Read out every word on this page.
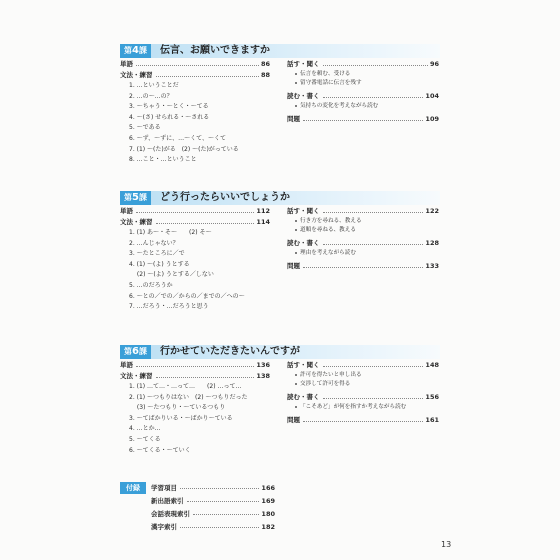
第4課	伝言、お願いできますか
単語	86
文法・練習	88
1. …ということだ
2. …の～…の？
3. ～ちゃう・～とく・～てる
4. ～(さ) せられる・～される
5. ～である
6. ～ず、～ずに、…～くて、～くて
7. (1) ～(た)がる　(2) ～(た)がっている
8. …こと・…ということ
話す・聞く	96
伝言を頼む、受ける
留守番電話に伝言を残す
読む・書く	104
気持ちの変化を考えながら読む
問題	109
第5課	どう行ったらいいでしょうか
単語	112
文法・練習	114
1. (1) あ～・そ～　　(2) そ～
2. …んじゃない？
3. ～たところに／で
4. (1) ～(よ) うとする
　 (2) ～(よ) うとする／しない
5. …のだろうか
6. ～との／での／からの／までの／への～
7. …だろう・…だろうと思う
話す・聞く	122
行き方を尋ねる、教える
道順を尋ねる、教える
読む・書く	128
理由を考えながら読む
問題	133
第6課	行かせていただきたいんですが
単語	136
文法・練習	138
1. (1) …て…・…って…　　(2) …って…
2. (1) ～つもりはない　(2) ～つもりだった
　 (3) ～たつもり・～ているつもり
3. ～てばかりいる・～ばかり～ている
4. …とか…
5. ～てくる
6. ～てくる・～ていく
話す・聞く	148
許可を得たいと申し出る
交渉して許可を得る
読む・書く	156
「こそあど」が何を指すか考えながら読む
問題	161
付録	学習項目	166
新出語索引	169
会話表現索引	180
漢字索引	182
13
